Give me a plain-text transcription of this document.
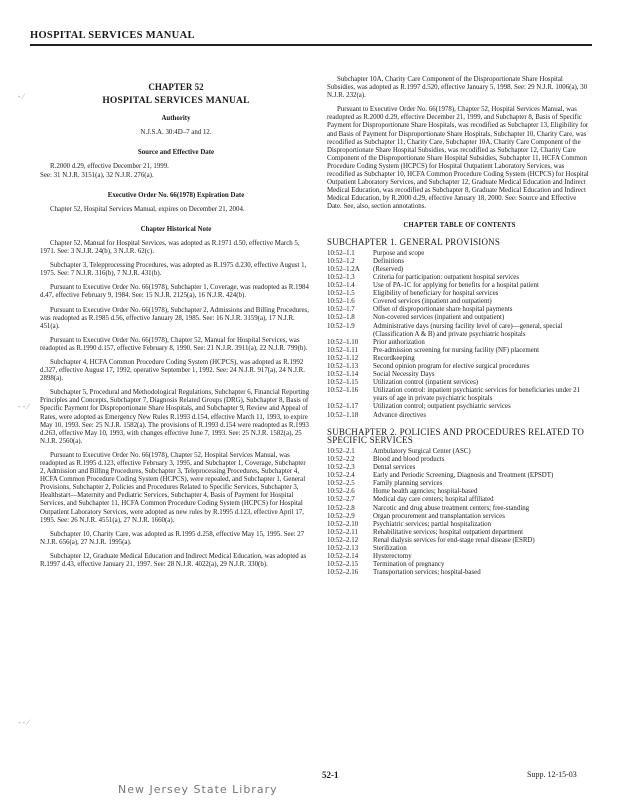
HOSPITAL SERVICES MANUAL
‐ ⁄
‐ ‐ ⁄
‐ ‐ ⁄
CHAPTER 52
HOSPITAL SERVICES MANUAL
Authority

N.J.S.A. 30:4D–7 and 12.

Source and Effective Date

R.2000 d.29, effective December 21, 1999.
See: 31 N.J.R. 3151(a), 32 N.J.R. 276(a).

Executive Order No. 66(1978) Expiration Date

Chapter 52, Hospital Services Manual, expires on December 21, 2004.

Chapter Historical Note

Chapter 52, Manual for Hospital Services, was adopted as R.1971 d.50, effective March 5, 1971. See: 3 N.J.R. 24(b), 3 N.J.R. 62(c).

Subchapter 3, Telepprocessing Procedures, was adopted as R.1975 d.230, effective August 1, 1975. See: 7 N.J.R. 316(b), 7 N.J.R. 431(b).

Pursuant to Executive Order No. 66(1978), Subchapter 1, Coverage, was readopted as R.1984 d.47, effective February 9, 1984. See: 15 N.J.R. 2125(a), 16 N.J.R. 424(b).

Pursuant to Executive Order No. 66(1978), Subchapter 2, Admissions and Billing Procedures, was readopted as R.1985 d.56, effective January 28, 1985. See: 16 N.J.R. 3159(a), 17 N.J.R. 451(a).

Pursuant to Executive Order No. 66(1978), Chapter 52, Manual for Hospital Services, was readopted as R.1990 d.157, effective February 8, 1990. See: 21 N.J.R. 3911(a), 22 N.J.R. 799(b).

Subchapter 4, HCFA Common Procedure Coding System (HCPCS), was adopted as R.1992 d.327, effective August 17, 1992, operative September 1, 1992. See: 24 N.J.R. 917(a), 24 N.J.R. 2898(a).

Subchapter 5, Procedural and Methodological Regulations, Subchapter 6, Financial Reporting Principles and Concepts, Subchapter 7, Diagnosis Related Groups (DRG), Subchapter 8, Basis of Specific Payment for Disproportionate Share Hospitals, and Subchapter 9, Review and Appeal of Rates, were adopted as Emergency New Rules R.1993 d.154, effective March 11, 1993, to expire May 10, 1993. See: 25 N.J.R. 1582(a). The provisions of R.1993 d.154 were readopted as R.1993 d.263, effective May 10, 1993, with changes effective June 7, 1993. See: 25 N.J.R. 1582(a), 25 N.J.R. 2560(a).

Pursuant to Executive Order No. 66(1978), Chapter 52, Hospital Services Manual, was readopted as R.1995 d.123, effective February 3, 1995, and Subchapter 1, Coverage, Subchapter 2, Admission and Billing Procedures, Subchapter 3, Teleprocessing Procedures, Subchapter 4, HCFA Common Procedure Coding System (HCPCS), were repealed, and Subchapter 1, General Provisions, Subchapter 2, Policies and Procedures Related to Specific Services, Subchapter 3, Healthstart—Maternity and Pediatric Services, Subchapter 4, Basis of Payment for Hospital Services, and Subchapter 11, HCFA Common Procedure Coding System (HCPCS) for Hospital Outpatient Laboratory Services, were adopted as new rules by R.1995 d.123, effective April 17, 1995. See: 26 N.J.R. 4551(a), 27 N.J.R. 1660(a).

Subchapter 10, Charity Care, was adopted as R.1995 d.258, effective May 15, 1995. See: 27 N.J.R. 656(a), 27 N.J.R. 1995(a).

Subchapter 12, Graduate Medical Education and Indirect Medical Education, was adopted as R.1997 d.43, effective January 21, 1997. See: 28 N.J.R. 4022(a), 29 N.J.R. 330(b).

Subchapter 10A, Charity Care Component of the Disproportionate Share Hospital Subsidies, was adopted as R.1997 d.520, effective January 5, 1998. See: 29 N.J.R. 1006(a), 30 N.J.R. 232(a).

Pursuant to Executive Order No. 66(1978), Chapter 52, Hospital Services Manual, was readopted as R.2000 d.29, effective December 21, 1999, and Subchapter 8, Basis of Specific Payment for Disproportionate Share Hospitals, was recodified as Subchapter 13, Eligibility for and Basis of Payment for Disproportionate Share Hospitals, Subchapter 10, Charity Care, was recodified as Subchapter 11, Charity Care, Subchapter 10A, Charity Care Component of the Disproportionate Share Hospital Subsidies, was recodified as Subchapter 12, Charity Care Component of the Disproportionate Share Hospital Subsidies, Subchapter 11, HCFA Common Procedure Coding System (HCPCS) for Hospital Outpatient Laboratory Services, was recodified as Subchapter 10, HCFA Common Procedure Coding System (HCPCS) for Hospital Outpatient Laboratory Services, and Subchapter 12, Graduate Medical Education and Indirect Medical Education, was recodified as Subchapter 8, Graduate Medical Education and Indirect Medical Education, by R.2000 d.29, effective January 18, 2000. See: Source and Effective Date. See, also, section annotations.

CHAPTER TABLE OF CONTENTS
SUBCHAPTER 1. GENERAL PROVISIONS
10:52–1.1	Purpose and scope
10:52–1.2	Definitions
10:52–1.2A	(Reserved)
10:52–1.3	Criteria for participation: outpatient hospital services
10:52–1.4	Use of PA-1C for applying for benefits for a hospital patient
10:52–1.5	Eligibility of beneficiary for hospital services
10:52–1.6	Covered services (inpatient and outpatient)
10:52–1.7	Offset of disproportionate share hospital payments
10:52–1.8	Non-covered services (inpatient and outpatient)
10:52–1.9	Administrative days (nursing facility level of care)—general, special (Classification A & B) and private psychiatric hospitals
10:52–1.10	Prior authorization
10:52–1.11	Pre-admission screening for nursing facility (NF) placement
10:52–1.12	Recordkeeping
10:52–1.13	Second opinion program for elective surgical procedures
10:52–1.14	Social Necessity Days
10:52–1.15	Utilization control (inpatient services)
10:52–1.16	Utilization control: inpatient psychiatric services for beneficiaries under 21 years of age in private psychiatric hospitals
10:52–1.17	Utilization control; outpatient psychiatric services
10:52–1.18	Advance directives
SUBCHAPTER 2. POLICIES AND PROCEDURES RELATED TO SPECIFIC SERVICES
10:52–2.1	Ambulatory Surgical Center (ASC)
10:52–2.2	Blood and blood products
10:52–2.3	Dental services
10:52–2.4	Early and Periodic Screening, Diagnosis and Treatment (EPSDT)
10:52–2.5	Family planning services
10:52–2.6	Home health agencies; hospital-based
10:52–2.7	Medical day care centers; hospital affiliated
10:52–2.8	Narcotic and drug abuse treatment centers; free-standing
10:52–2.9	Organ procurement and transplantation services
10:52–2.10	Psychiatric services; partial hospitalization
10:52–2.11	Rehabilitative services; hospital outpatient department
10:52–2.12	Renal dialysis services for end-stage renal disease (ESRD)
10:52–2.13	Sterilization
10:52–2.14	Hysterectomy
10:52–2.15	Termination of pregnancy
10:52–2.16	Transportation services; hospital-based
52-1	Supp. 12-15-03
New Jersey State Library
